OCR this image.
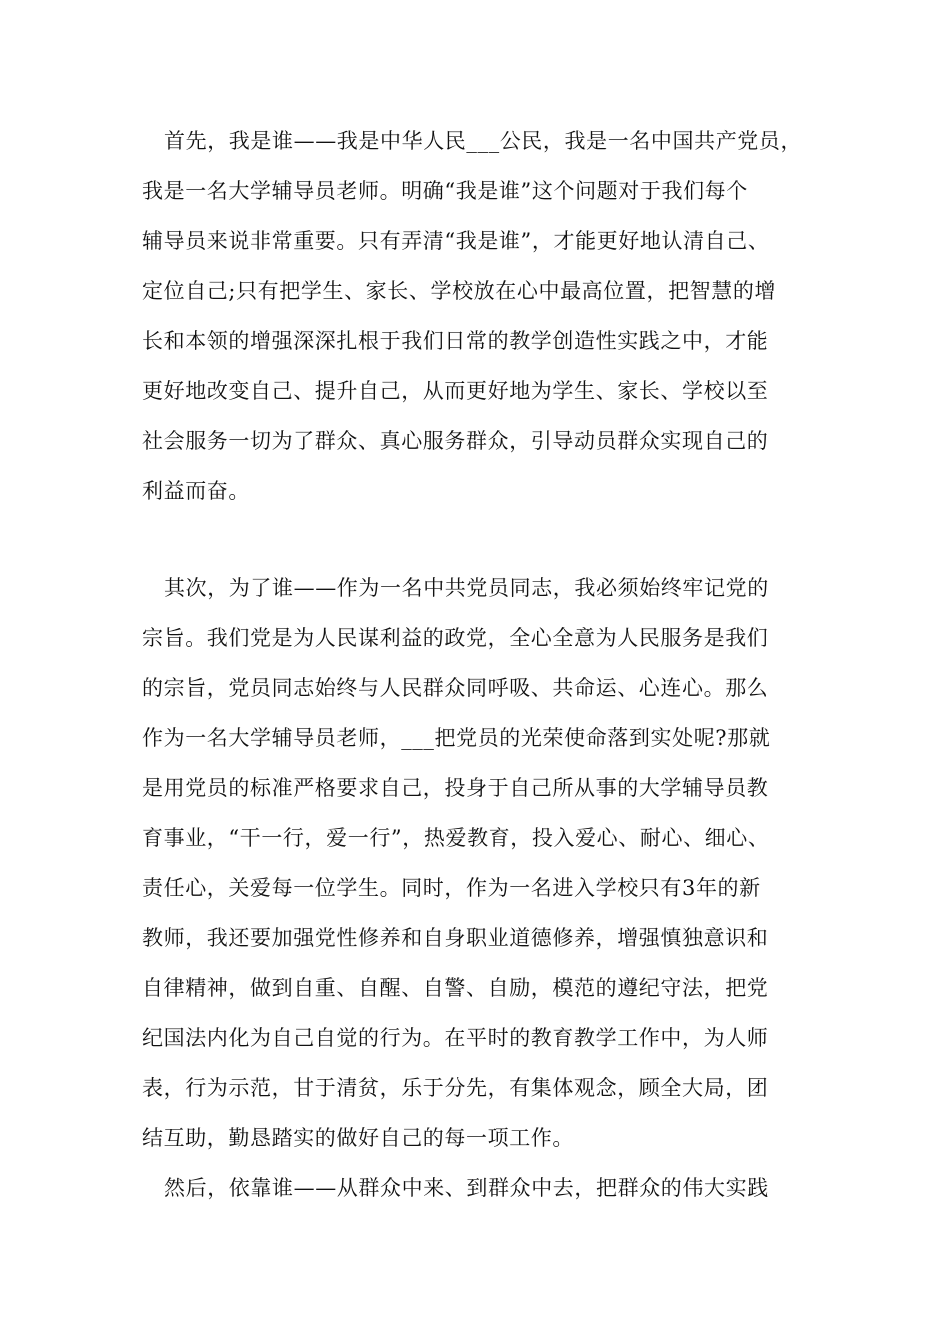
首先，我是谁——我是中华人民___公民，我是一名中国共产党员，
我是一名大学辅导员老师。明确“我是谁”这个问题对于我们每个
辅导员来说非常重要。只有弄清“我是谁”，才能更好地认清自己、
定位自己;只有把学生、家长、学校放在心中最高位置，把智慧的增
长和本领的增强深深扎根于我们日常的教学创造性实践之中，才能
更好地改变自己、提升自己，从而更好地为学生、家长、学校以至
社会服务一切为了群众、真心服务群众，引导动员群众实现自己的
利益而奋。
其次，为了谁——作为一名中共党员同志，我必须始终牢记党的
宗旨。我们党是为人民谋利益的政党，全心全意为人民服务是我们
的宗旨，党员同志始终与人民群众同呼吸、共命运、心连心。那么
作为一名大学辅导员老师，___把党员的光荣使命落到实处呢?那就
是用党员的标准严格要求自己，投身于自己所从事的大学辅导员教
育事业，“干一行，爱一行”，热爱教育，投入爱心、耐心、细心、
责任心，关爱每一位学生。同时，作为一名进入学校只有3年的新
教师，我还要加强党性修养和自身职业道德修养，增强慎独意识和
自律精神，做到自重、自醒、自警、自励，模范的遵纪守法，把党
纪国法内化为自己自觉的行为。在平时的教育教学工作中，为人师
表，行为示范，甘于清贫，乐于分先，有集体观念，顾全大局，团
结互助，勤恳踏实的做好自己的每一项工作。
然后，依靠谁——从群众中来、到群众中去，把群众的伟大实践
